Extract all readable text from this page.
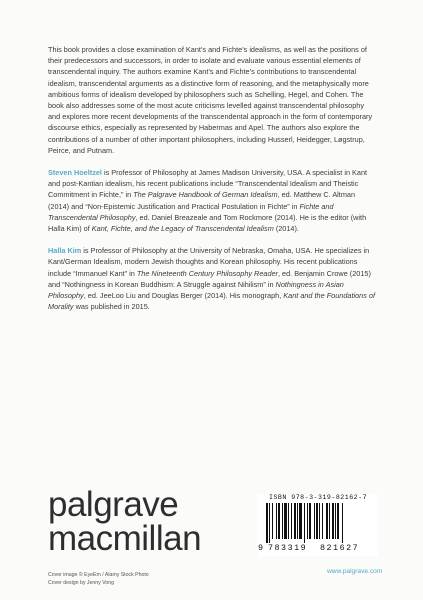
This book provides a close examination of Kant’s and Fichte’s idealisms, as well as the positions of their predecessors and successors, in order to isolate and evaluate various essential elements of transcendental inquiry. The authors examine Kant’s and Fichte’s contributions to transcendental idealism, transcendental arguments as a distinctive form of reasoning, and the metaphysically more ambitious forms of idealism developed by philosophers such as Schelling, Hegel, and Cohen. The book also addresses some of the most acute criticisms levelled against transcendental philosophy and explores more recent developments of the transcendental approach in the form of contemporary discourse ethics, especially as represented by Habermas and Apel. The authors also explore the contributions of a number of other important philosophers, including Husserl, Heidegger, Løgstrup, Peirce, and Putnam.

Steven Hoeltzel is Professor of Philosophy at James Madison University, USA. A specialist in Kant and post-Kantian idealism, his recent publications include “Transcendental Idealism and Theistic Commitment in Fichte,” in The Palgrave Handbook of German Idealism, ed. Matthew C. Altman (2014) and “Non-Epistemic Justification and Practical Postulation in Fichte” in Fichte and Transcendental Philosophy, ed. Daniel Breazeale and Tom Rockmore (2014). He is the editor (with Halla Kim) of Kant, Fichte, and the Legacy of Transcendental Idealism (2014).

Halla Kim is Professor of Philosophy at the University of Nebraska, Omaha, USA. He specializes in Kant/German Idealism, modern Jewish thoughts and Korean philosophy. His recent publications include “Immanuel Kant” in The Nineteenth Century Philosophy Reader, ed. Benjamin Crowe (2015) and “Nothingness in Korean Buddhism: A Struggle against Nihilism” in Nothingness in Asian Philosophy, ed. JeeLoo Liu and Douglas Berger (2014). His monograph, Kant and the Foundations of Morality was published in 2015.

palgrave
macmillan
Cover image © EyeEm / Alamy Stock Photo
Cover design by Jenny Vong
ISBN 978-3-319-82162-7
9 783319 821627
www.palgrave.com
